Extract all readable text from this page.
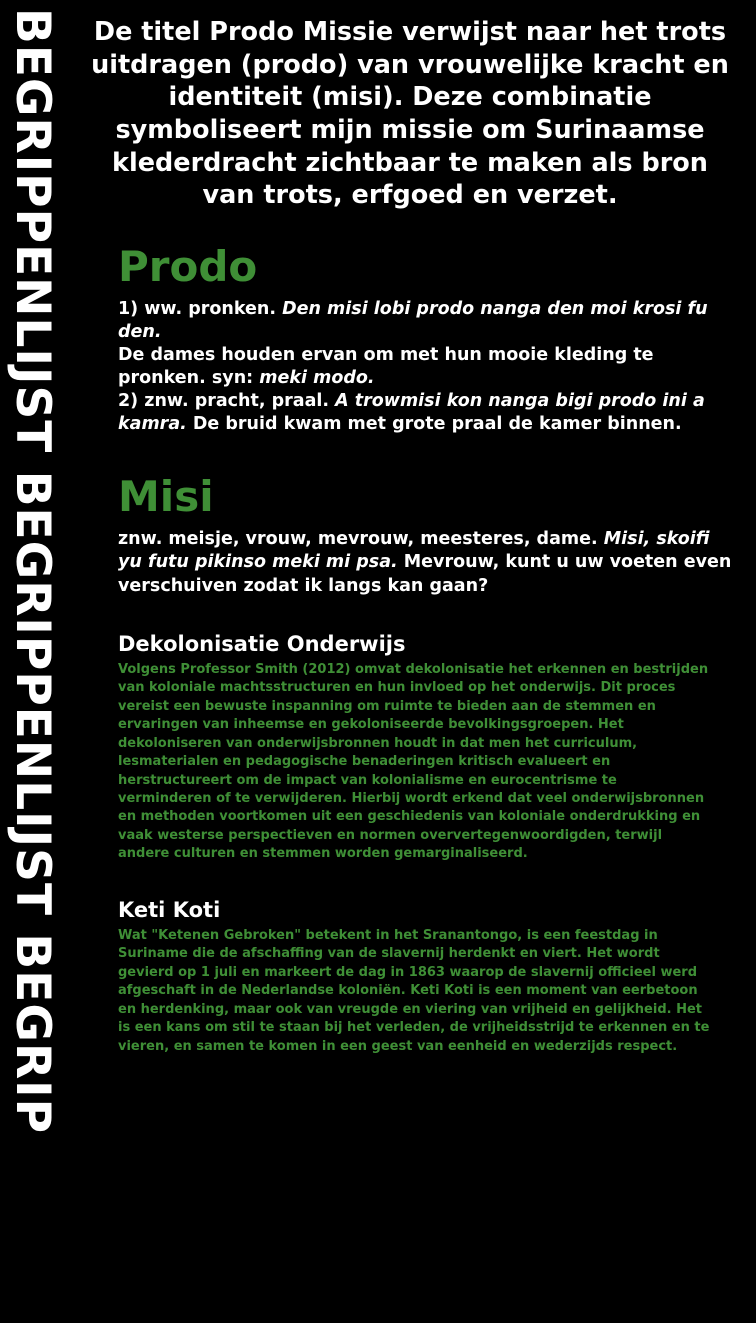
BEGRIPPENLIJST BEGRIPPENLIJST BEGRIP De titel Prodo Missie verwijst naar het trots uitdragen (prodo) van vrouwelijke kracht en identiteit (misi). Deze combinatie symboliseert mijn missie om Surinaamse klederdracht zichtbaar te maken als bron van trots, erfgoed en verzet.
Prodo

1) ww. pronken. Den misi lobi prodo nanga den moi krosi fu den.
De dames houden ervan om met hun mooie kleding te pronken. syn: meki modo.
2) znw. pracht, praal. A trowmisi kon nanga bigi prodo ini a kamra. De bruid kwam met grote praal de kamer binnen.

Misi

znw. meisje, vrouw, mevrouw, meesteres, dame. Misi, skoifi yu futu pikinso meki mi psa. Mevrouw, kunt u uw voeten even verschuiven zodat ik langs kan gaan?

Dekolonisatie Onderwijs

Volgens Professor Smith (2012) omvat dekolonisatie het erkennen en bestrijden van koloniale machtsstructuren en hun invloed op het onderwijs. Dit proces vereist een bewuste inspanning om ruimte te bieden aan de stemmen en ervaringen van inheemse en gekoloniseerde bevolkingsgroepen. Het dekoloniseren van onderwijsbronnen houdt in dat men het curriculum, lesmaterialen en pedagogische benaderingen kritisch evalueert en herstructureert om de impact van kolonialisme en eurocentrisme te verminderen of te verwijderen. Hierbij wordt erkend dat veel onderwijsbronnen en methoden voortkomen uit een geschiedenis van koloniale onderdrukking en vaak westerse perspectieven en normen oververtegenwoordigden, terwijl andere culturen en stemmen worden gemarginaliseerd.

Keti Koti

Wat "Ketenen Gebroken" betekent in het Sranantongo, is een feestdag in Suriname die de afschaffing van de slavernij herdenkt en viert. Het wordt gevierd op 1 juli en markeert de dag in 1863 waarop de slavernij officieel werd afgeschaft in de Nederlandse koloniën. Keti Koti is een moment van eerbetoon en herdenking, maar ook van vreugde en viering van vrijheid en gelijkheid. Het is een kans om stil te staan bij het verleden, de vrijheidsstrijd te erkennen en te vieren, en samen te komen in een geest van eenheid en wederzijds respect.
